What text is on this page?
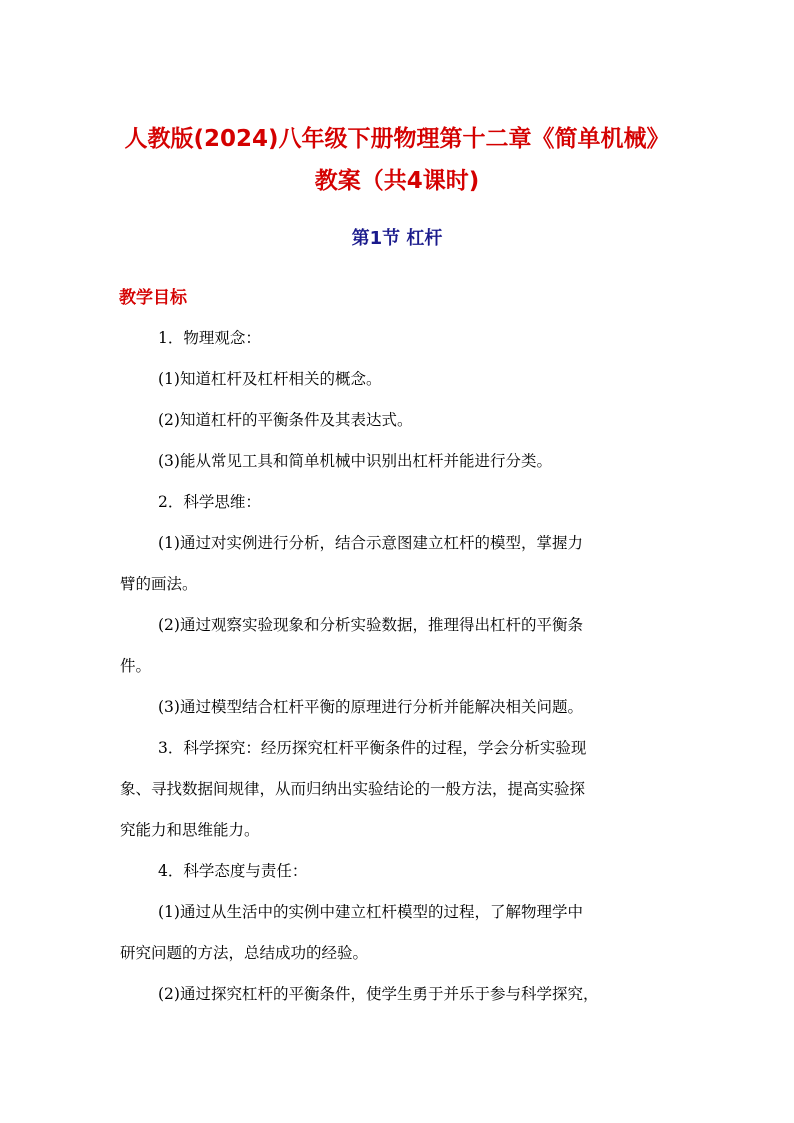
人教版(2024)八年级下册物理第十二章《简单机械》
教案（共4课时)
第1节 杠杆
教学目标
1．物理观念：
(1)知道杠杆及杠杆相关的概念。
(2)知道杠杆的平衡条件及其表达式。
(3)能从常见工具和简单机械中识别出杠杆并能进行分类。
2．科学思维：
(1)通过对实例进行分析，结合示意图建立杠杆的模型，掌握力
臂的画法。
(2)通过观察实验现象和分析实验数据，推理得出杠杆的平衡条
件。
(3)通过模型结合杠杆平衡的原理进行分析并能解决相关问题。
3．科学探究：经历探究杠杆平衡条件的过程，学会分析实验现
象、寻找数据间规律，从而归纳出实验结论的一般方法，提高实验探
究能力和思维能力。
4．科学态度与责任：
(1)通过从生活中的实例中建立杠杆模型的过程，了解物理学中
研究问题的方法，总结成功的经验。
(2)通过探究杠杆的平衡条件，使学生勇于并乐于参与科学探究，
